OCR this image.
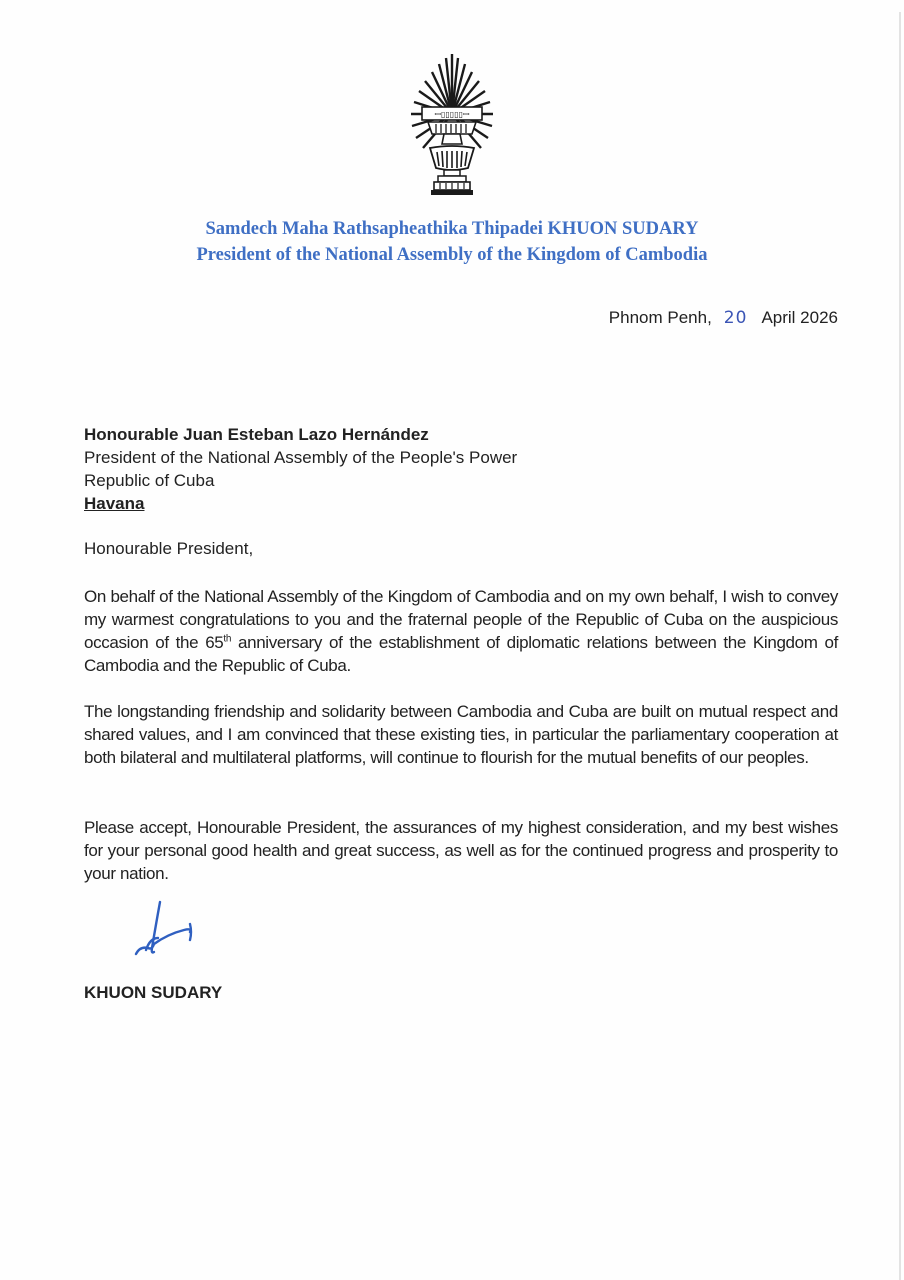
ꟷ▯▯▯▯▯ꟷ
Samdech Maha Rathsapheathika Thipadei KHUON SUDARY
President of the National Assembly of the Kingdom of Cambodia
Phnom Penh, 20 April 2026
Honourable Juan Esteban Lazo Hernández
President of the National Assembly of the People's Power
Republic of Cuba
Havana
Honourable President,
On behalf of the National Assembly of the Kingdom of Cambodia and on my own behalf, I wish to convey my warmest congratulations to you and the fraternal people of the Republic of Cuba on the auspicious occasion of the 65th anniversary of the establishment of diplomatic relations between the Kingdom of Cambodia and the Republic of Cuba.
The longstanding friendship and solidarity between Cambodia and Cuba are built on mutual respect and shared values, and I am convinced that these existing ties, in particular the parliamentary cooperation at both bilateral and multilateral platforms, will continue to flourish for the mutual benefits of our peoples.
Please accept, Honourable President, the assurances of my highest consideration, and my best wishes for your personal good health and great success, as well as for the continued progress and prosperity to your nation.
KHUON SUDARY
